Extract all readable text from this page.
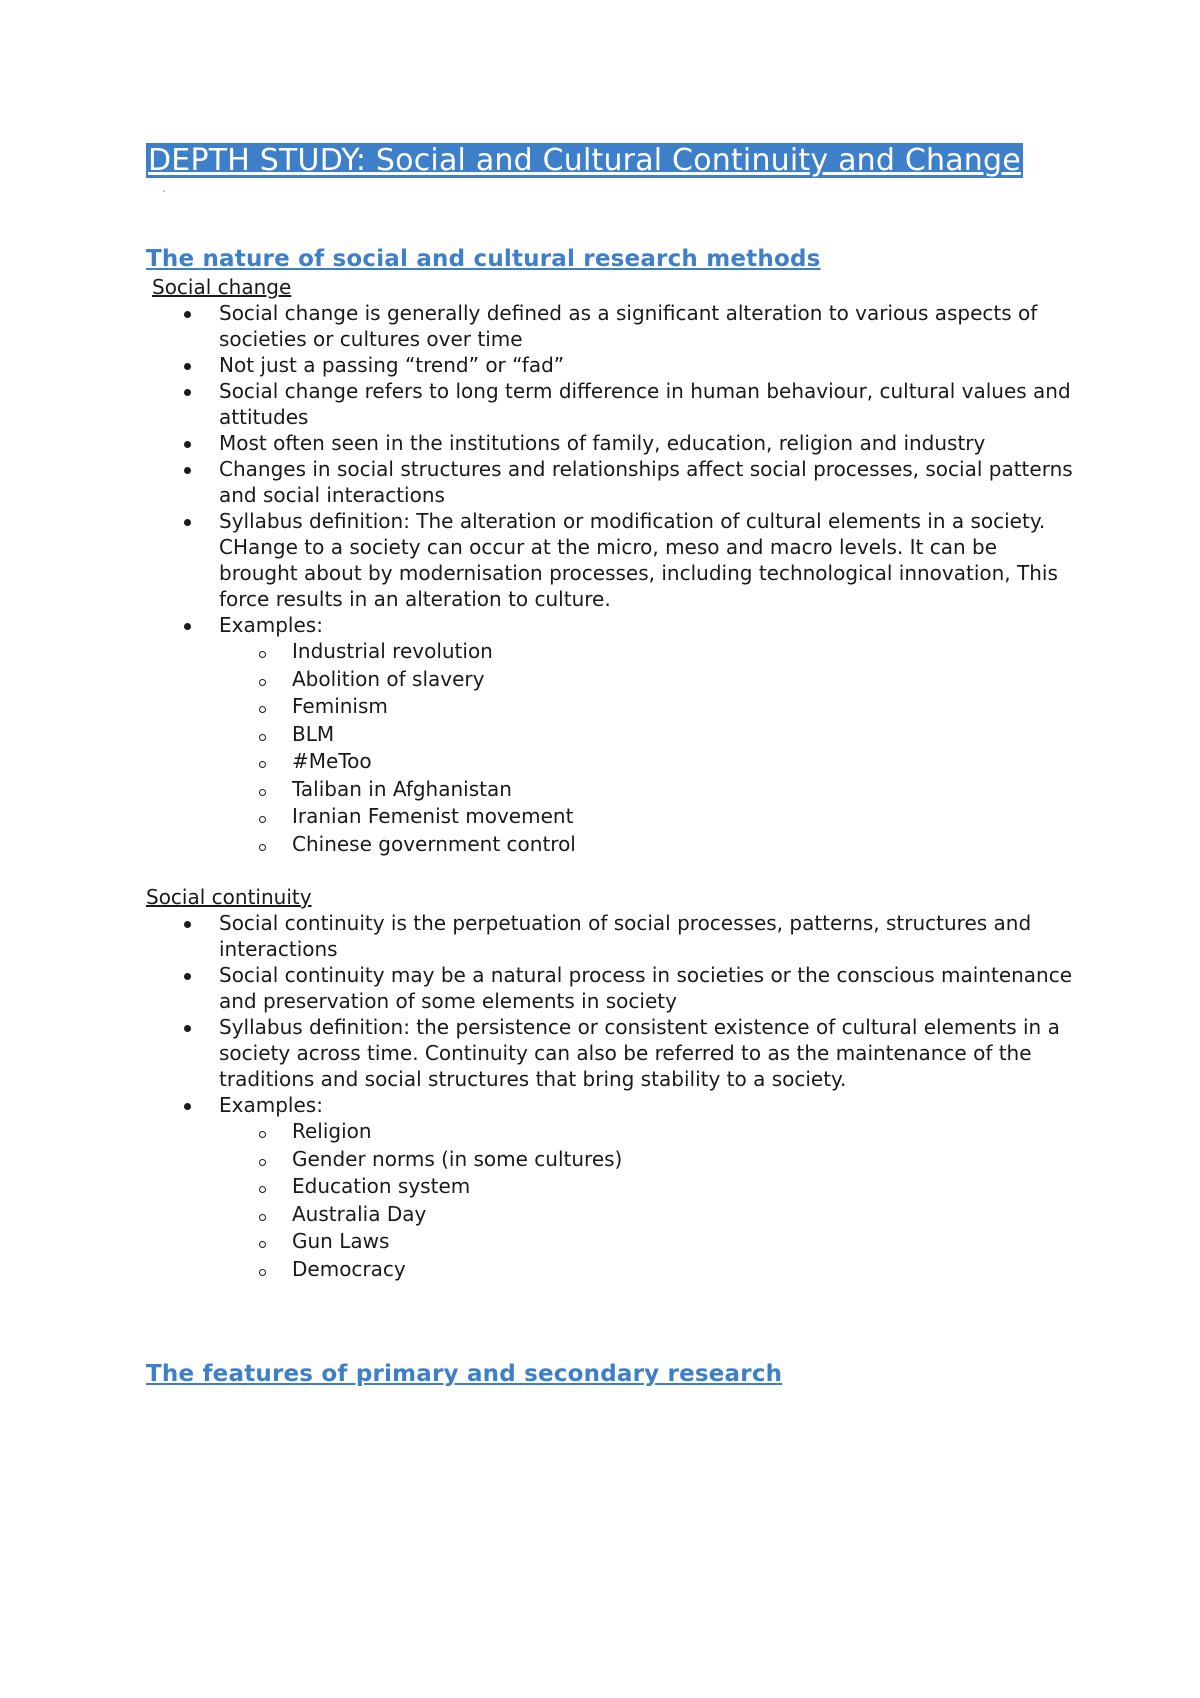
DEPTH STUDY: Social and Cultural Continuity and Change
The nature of social and cultural research methods
Social change
Social change is generally defined as a significant alteration to various aspects of societies or cultures over time
Not just a passing “trend” or “fad”
Social change refers to long term difference in human behaviour, cultural values and attitudes
Most often seen in the institutions of family, education, religion and industry
Changes in social structures and relationships affect social processes, social patterns and social interactions
Syllabus definition: The alteration or modification of cultural elements in a society. CHange to a society can occur at the micro, meso and macro levels. It can be brought about by modernisation processes, including technological innovation, This force results in an alteration to culture.
Examples:
Industrial revolution
Abolition of slavery
Feminism
BLM
#MeToo
Taliban in Afghanistan
Iranian Femenist movement
Chinese government control
Social continuity
Social continuity is the perpetuation of social processes, patterns, structures and interactions
Social continuity may be a natural process in societies or the conscious maintenance and preservation of some elements in society
Syllabus definition: the persistence or consistent existence of cultural elements in a society across time. Continuity can also be referred to as the maintenance of the traditions and social structures that bring stability to a society.
Examples:
Religion
Gender norms (in some cultures)
Education system
Australia Day
Gun Laws
Democracy
The features of primary and secondary research
